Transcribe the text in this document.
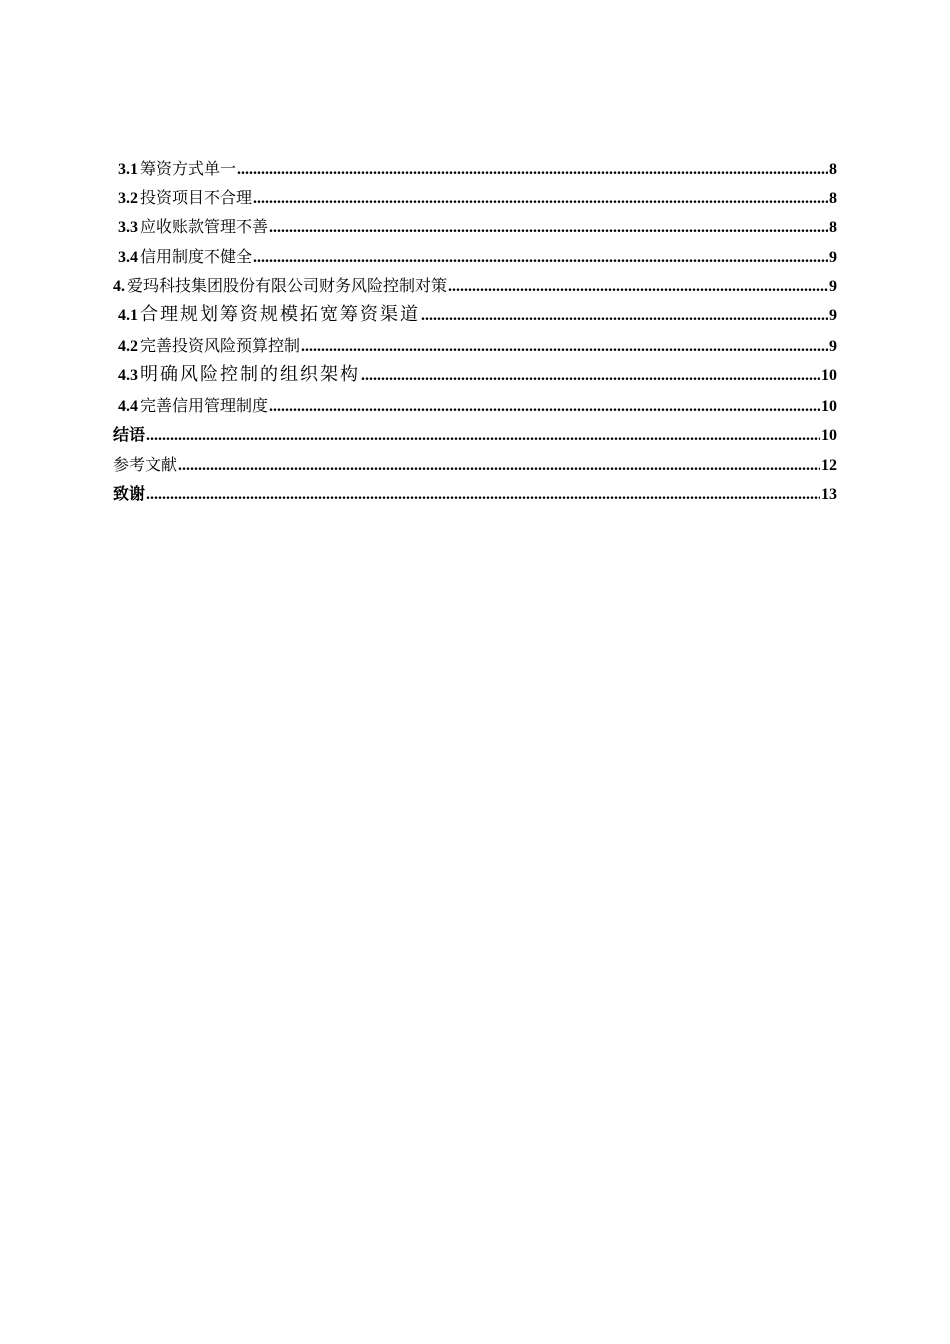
3.1 筹资方式单一 .....	8
3.2 投资项目不合理 .....	8
3.3 应收账款管理不善 .....	8
3.4 信用制度不健全 .....	9
4. 爱玛科技集团股份有限公司财务风险控制对策 .....	9
4.1 合理规划筹资规模拓宽筹资渠道 .....	9
4.2 完善投资风险预算控制 .....	9
4.3 明确风险控制的组织架构 .....	10
4.4 完善信用管理制度 .....	10
结语 .....	10
参考文献 .....	12
致谢 .....	13
